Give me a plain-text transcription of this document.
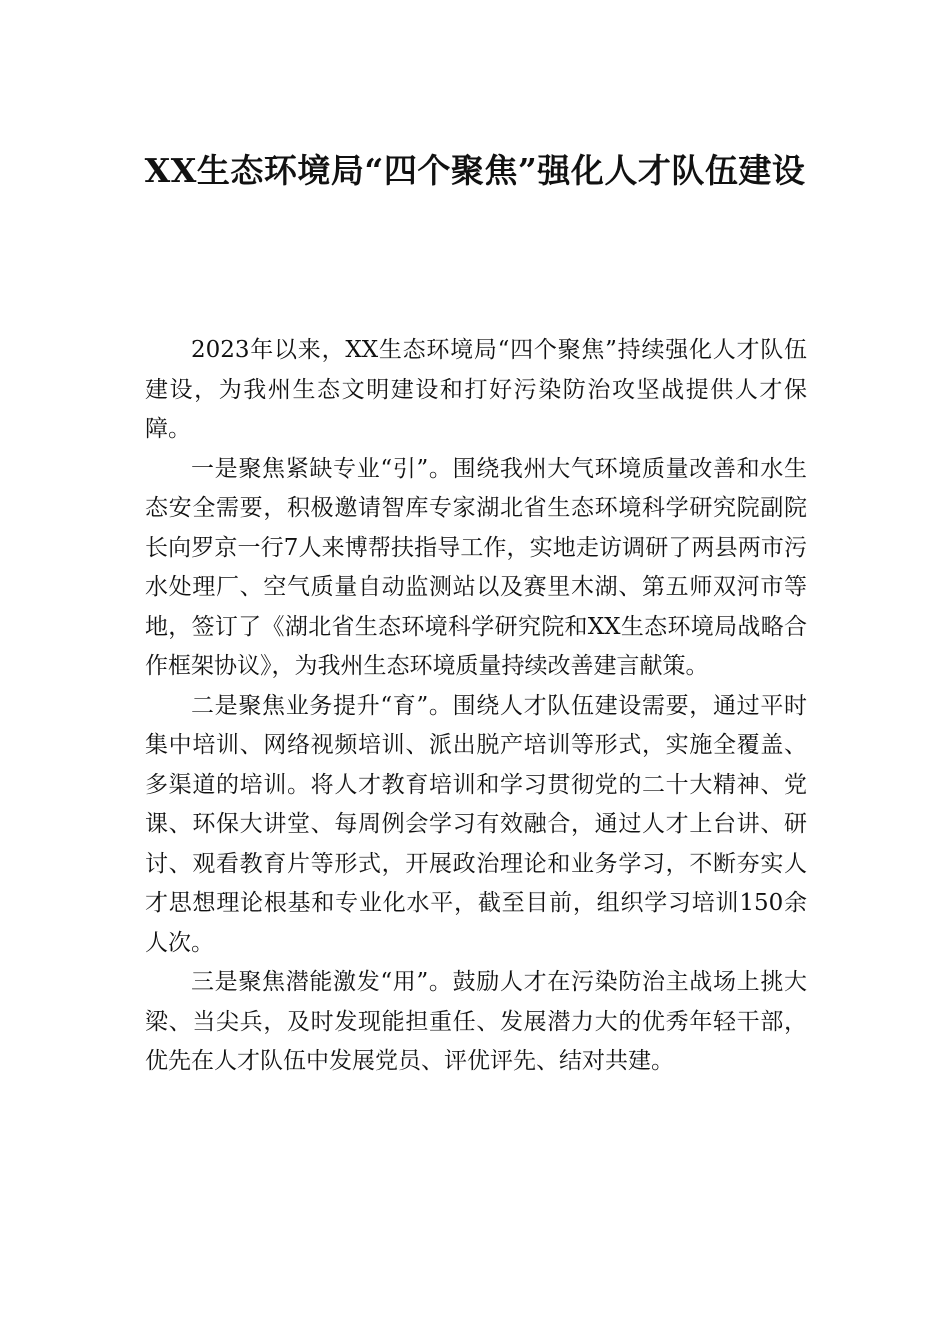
XX生态环境局“四个聚焦”强化人才队伍建设

2023年以来，XX生态环境局“四个聚焦”持续强化人才队伍建设，为我州生态文明建设和打好污染防治攻坚战提供人才保障。

一是聚焦紧缺专业“引”。围绕我州大气环境质量改善和水生态安全需要，积极邀请智库专家湖北省生态环境科学研究院副院长向罗京一行7人来博帮扶指导工作，实地走访调研了两县两市污水处理厂、空气质量自动监测站以及赛里木湖、第五师双河市等地，签订了《湖北省生态环境科学研究院和XX生态环境局战略合作框架协议》，为我州生态环境质量持续改善建言献策。

二是聚焦业务提升“育”。围绕人才队伍建设需要，通过平时集中培训、网络视频培训、派出脱产培训等形式，实施全覆盖、多渠道的培训。将人才教育培训和学习贯彻党的二十大精神、党课、环保大讲堂、每周例会学习有效融合，通过人才上台讲、研讨、观看教育片等形式，开展政治理论和业务学习，不断夯实人才思想理论根基和专业化水平，截至目前，组织学习培训150余人次。

三是聚焦潜能激发“用”。鼓励人才在污染防治主战场上挑大梁、当尖兵，及时发现能担重任、发展潜力大的优秀年轻干部，优先在人才队伍中发展党员、评优评先、结对共建。
